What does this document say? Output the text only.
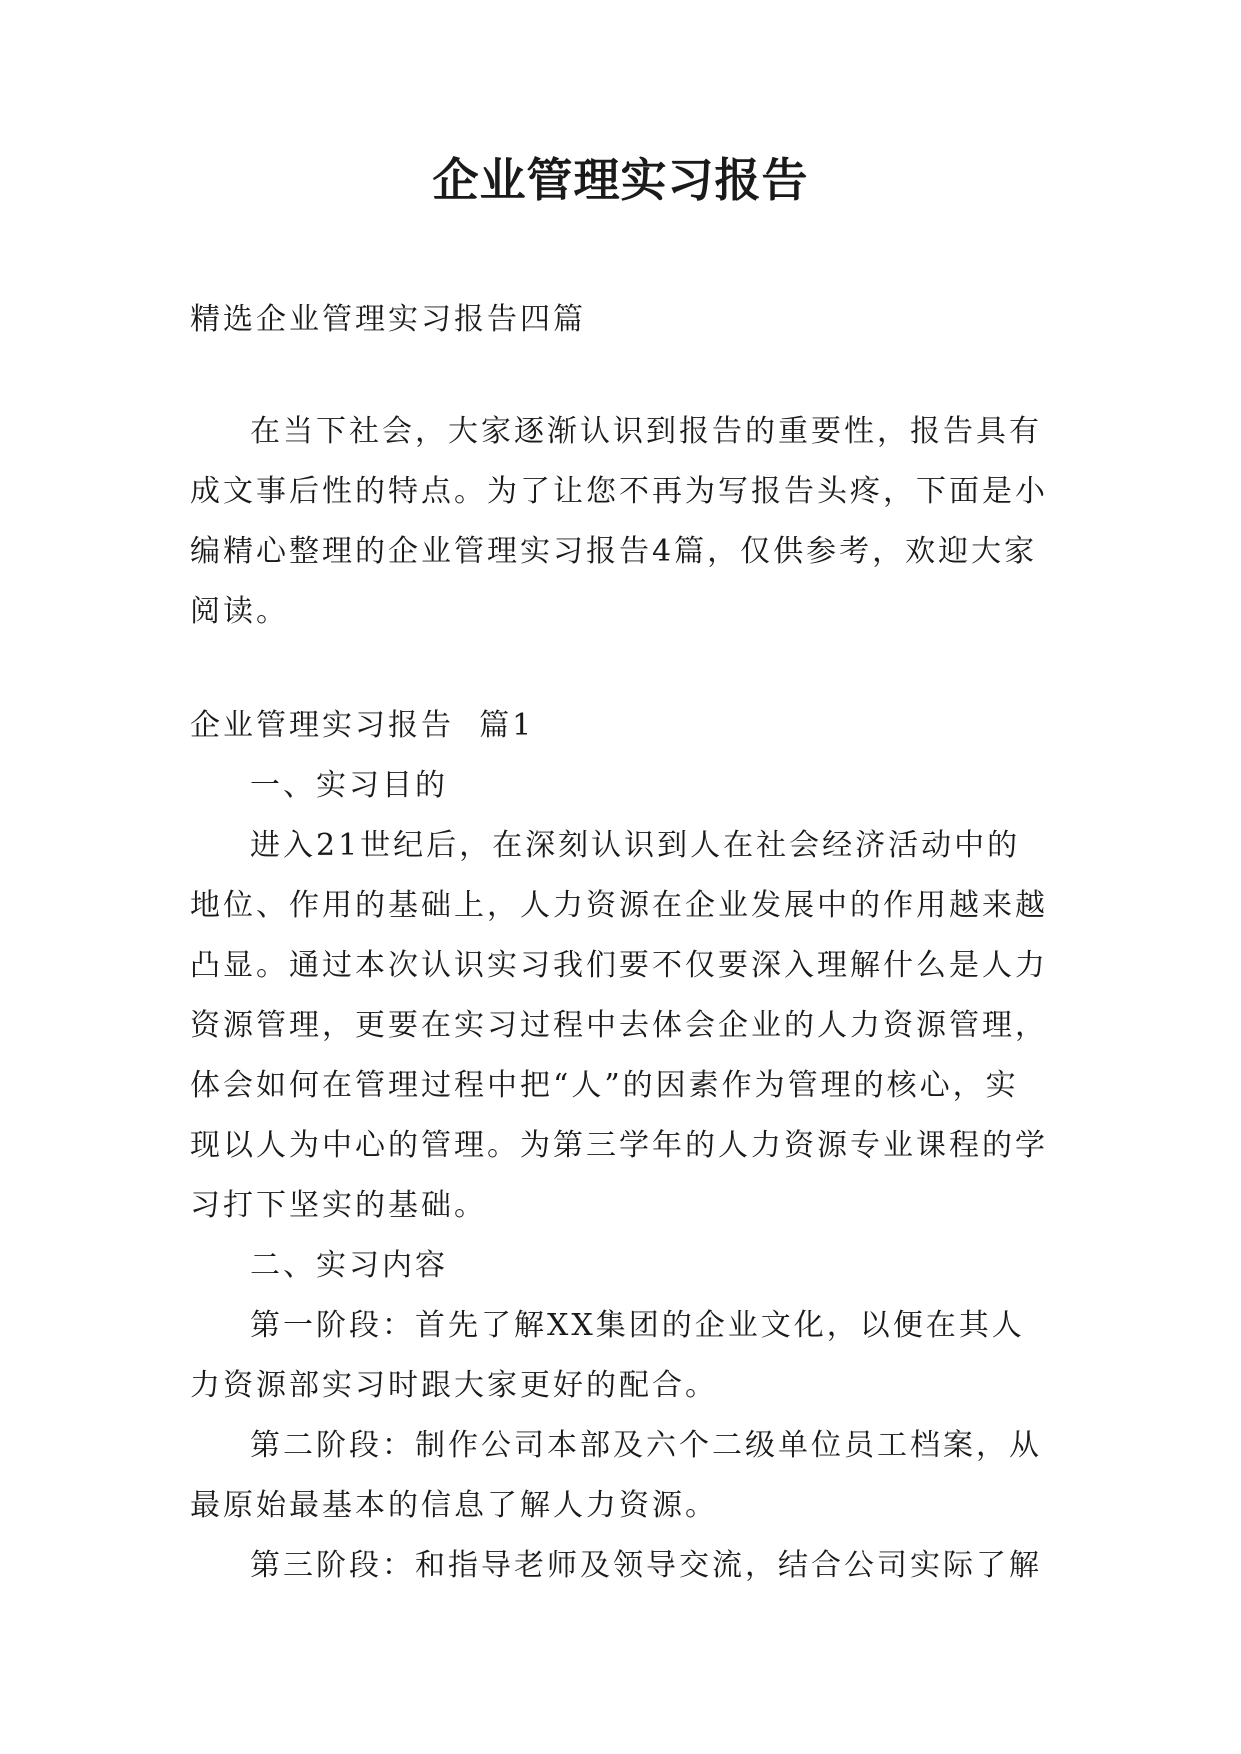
企业管理实习报告
精选企业管理实习报告四篇
在当下社会，大家逐渐认识到报告的重要性，报告具有
成文事后性的特点。为了让您不再为写报告头疼，下面是小
编精心整理的企业管理实习报告4篇，仅供参考，欢迎大家
阅读。
企业管理实习报告  篇1
一、实习目的
进入21世纪后，在深刻认识到人在社会经济活动中的
地位、作用的基础上，人力资源在企业发展中的作用越来越
凸显。通过本次认识实习我们要不仅要深入理解什么是人力
资源管理，更要在实习过程中去体会企业的人力资源管理，
体会如何在管理过程中把“人”的因素作为管理的核心，实
现以人为中心的管理。为第三学年的人力资源专业课程的学
习打下坚实的基础。
二、实习内容
第一阶段：首先了解XX集团的企业文化，以便在其人
力资源部实习时跟大家更好的配合。
第二阶段：制作公司本部及六个二级单位员工档案，从
最原始最基本的信息了解人力资源。
第三阶段：和指导老师及领导交流，结合公司实际了解
